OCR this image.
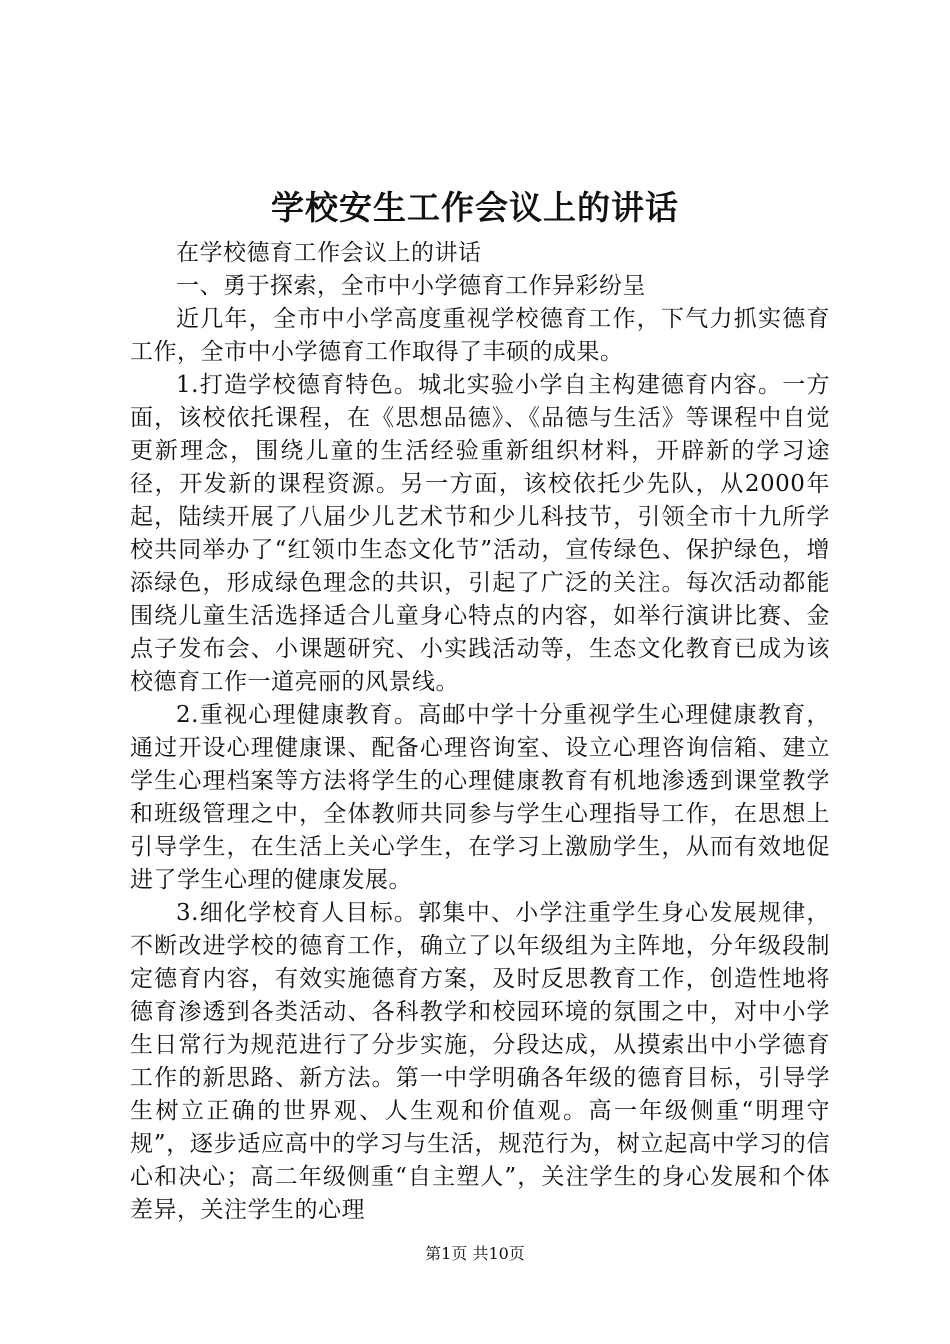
学校安生工作会议上的讲话

在学校德育工作会议上的讲话

一、勇于探索，全市中小学德育工作异彩纷呈

近几年，全市中小学高度重视学校德育工作，下气力抓实德育工作，全市中小学德育工作取得了丰硕的成果。

1.打造学校德育特色。城北实验小学自主构建德育内容。一方面，该校依托课程，在《思想品德》、《品德与生活》等课程中自觉更新理念，围绕儿童的生活经验重新组织材料，开辟新的学习途径，开发新的课程资源。另一方面，该校依托少先队，从2000年起，陆续开展了八届少儿艺术节和少儿科技节，引领全市十九所学校共同举办了“红领巾生态文化节”活动，宣传绿色、保护绿色，增添绿色，形成绿色理念的共识，引起了广泛的关注。每次活动都能围绕儿童生活选择适合儿童身心特点的内容，如举行演讲比赛、金点子发布会、小课题研究、小实践活动等，生态文化教育已成为该校德育工作一道亮丽的风景线。

2.重视心理健康教育。高邮中学十分重视学生心理健康教育，通过开设心理健康课、配备心理咨询室、设立心理咨询信箱、建立学生心理档案等方法将学生的心理健康教育有机地渗透到课堂教学和班级管理之中，全体教师共同参与学生心理指导工作，在思想上引导学生，在生活上关心学生，在学习上激励学生，从而有效地促进了学生心理的健康发展。

3.细化学校育人目标。郭集中、小学注重学生身心发展规律，不断改进学校的德育工作，确立了以年级组为主阵地，分年级段制定德育内容，有效实施德育方案，及时反思教育工作，创造性地将德育渗透到各类活动、各科教学和校园环境的氛围之中，对中小学生日常行为规范进行了分步实施，分段达成，从摸索出中小学德育工作的新思路、新方法。第一中学明确各年级的德育目标，引导学生树立正确的世界观、人生观和价值观。高一年级侧重“明理守规”，逐步适应高中的学习与生活，规范行为，树立起高中学习的信心和决心；高二年级侧重“自主塑人”，关注学生的身心发展和个体差异，关注学生的心理

第1页 共10页
